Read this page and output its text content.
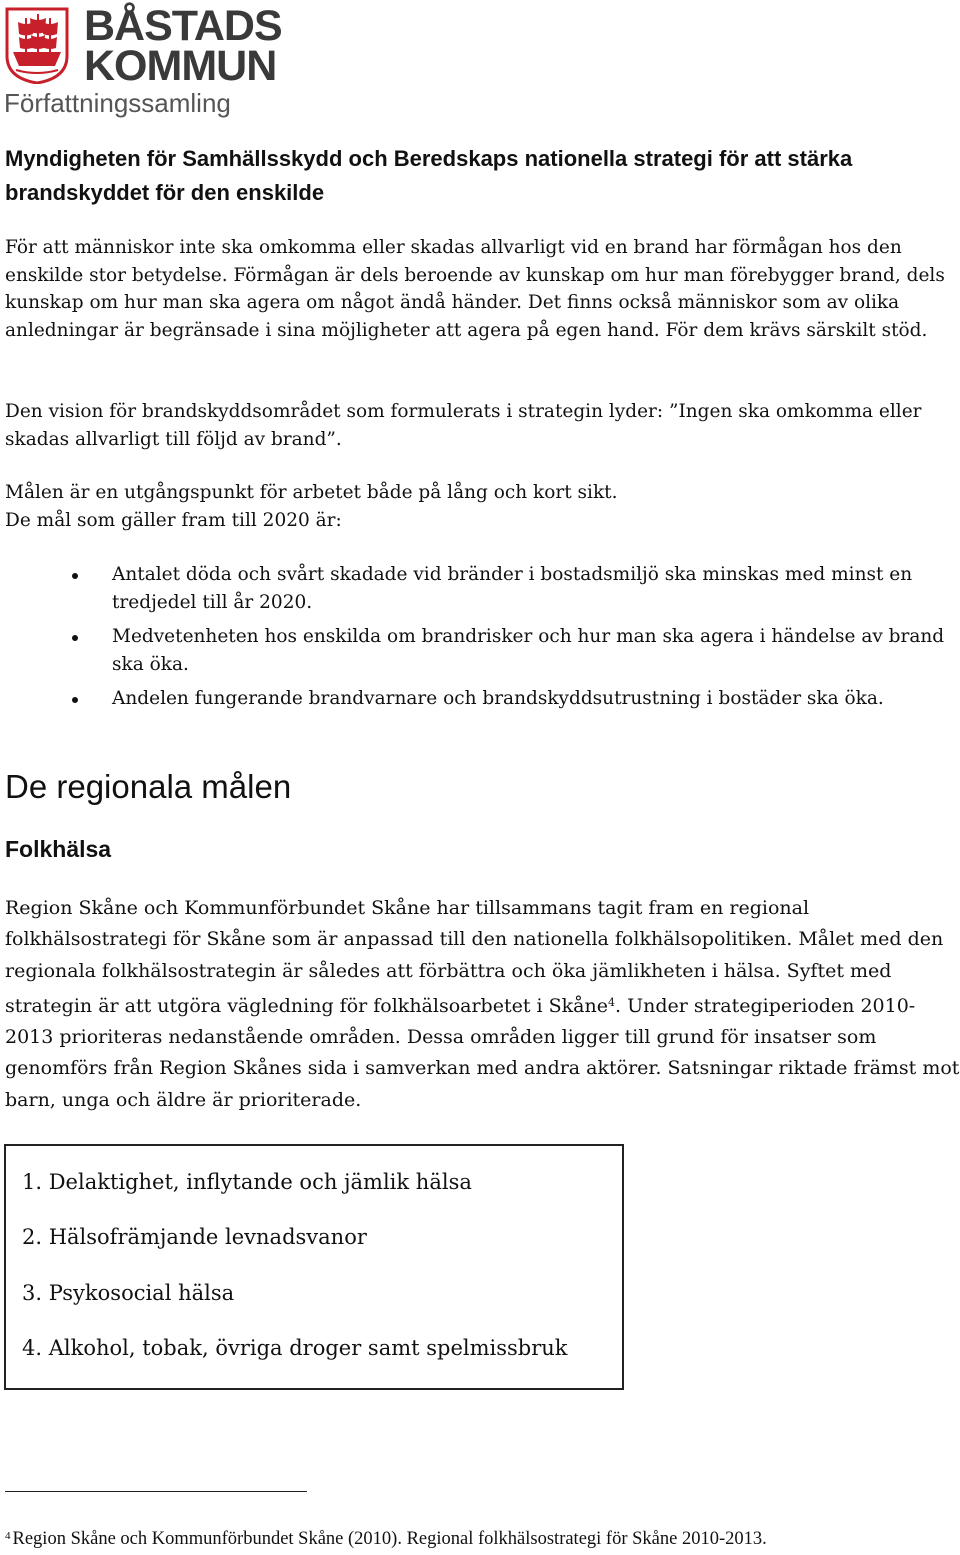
BÅSTADS
KOMMUN
Författningssamling
Myndigheten för Samhällsskydd och Beredskaps nationella strategi för att stärka brandskyddet för den enskilde
För att människor inte ska omkomma eller skadas allvarligt vid en brand har förmågan hos den enskilde stor betydelse. Förmågan är dels beroende av kunskap om hur man förebygger brand, dels kunskap om hur man ska agera om något ändå händer. Det finns också människor som av olika anledningar är begränsade i sina möjligheter att agera på egen hand. För dem krävs särskilt stöd.
Den vision för brandskyddsområdet som formulerats i strategin lyder: ”Ingen ska omkomma eller skadas allvarligt till följd av brand”.
Målen är en utgångspunkt för arbetet både på lång och kort sikt.
De mål som gäller fram till 2020 är:
Antalet döda och svårt skadade vid bränder i bostadsmiljö ska minskas med minst en tredjedel till år 2020.
Medvetenheten hos enskilda om brandrisker och hur man ska agera i händelse av brand ska öka.
Andelen fungerande brandvarnare och brandskyddsutrustning i bostäder ska öka.
De regionala målen
Folkhälsa
Region Skåne och Kommunförbundet Skåne har tillsammans tagit fram en regional folkhälsostrategi för Skåne som är anpassad till den nationella folkhälsopolitiken. Målet med den regionala folkhälsostrategin är således att förbättra och öka jämlikheten i hälsa. Syftet med strategin är att utgöra vägledning för folkhälsoarbetet i Skåne$^4$. Under strategiperioden 2010-2013 prioriteras nedanstående områden. Dessa områden ligger till grund för insatser som genomförs från Region Skånes sida i samverkan med andra aktörer. Satsningar riktade främst mot barn, unga och äldre är prioriterade.
1. Delaktighet, inflytande och jämlik hälsa
2. Hälsofrämjande levnadsvanor
3. Psykosocial hälsa
4. Alkohol, tobak, övriga droger samt spelmissbruk
$^4$ Region Skåne och Kommunförbundet Skåne (2010). Regional folkhälsostrategi för Skåne 2010-2013.
